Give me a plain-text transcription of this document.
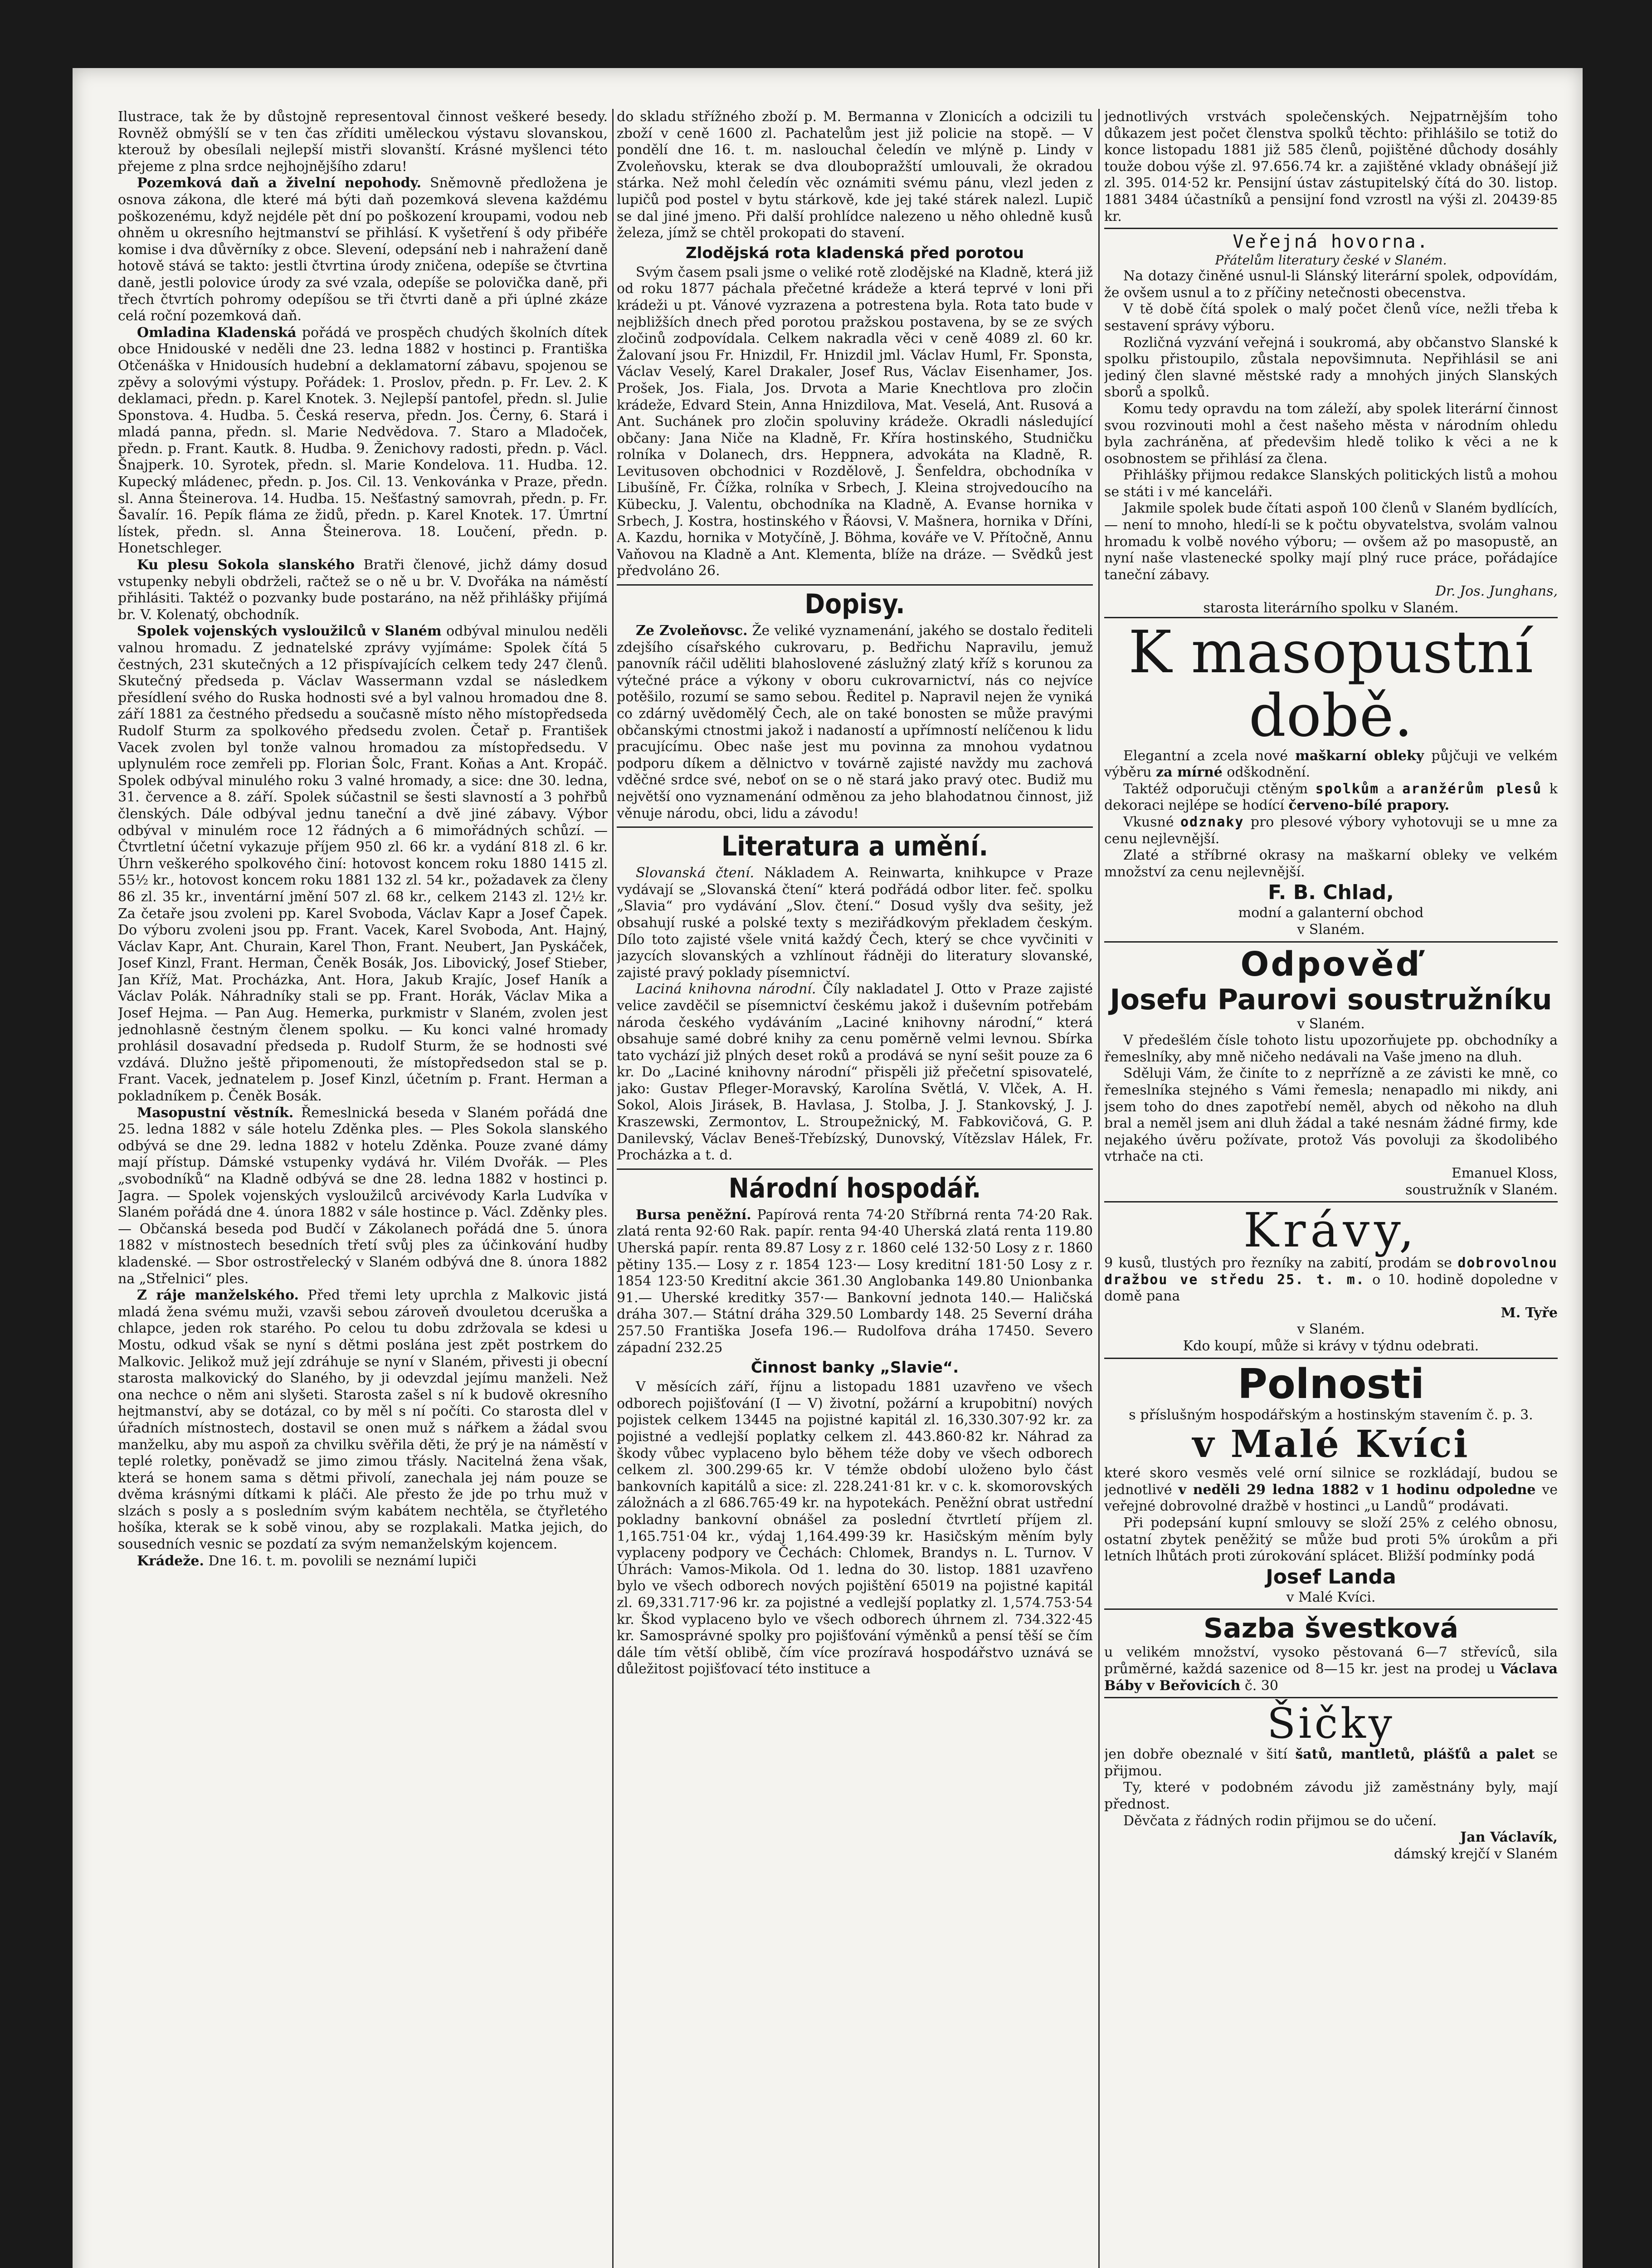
Ilustrace, tak že by důstojně representoval činnost veškeré besedy. Rovněž obmýšlí se v ten čas zříditi uměleckou výstavu slovanskou, kterouž by obesílali nejlepší mistři slovanští. Krásné myšlenci této přejeme z plna srdce nejhojnějšího zdaru!

Pozemková daň a živelní nepohody. Sněmovně předložena je osnova zákona, dle které má býti daň pozemková slevena každému poškozenému, když nejdéle pět dní po poškození kroupami, vodou neb ohněm u okresního hejtmanství se přihlásí. K vyšetření š ody přibéře komise i dva důvěrníky z obce. Slevení, odepsání neb i nahražení daně hotově stává se takto: jestli čtvrtina úrody zničena, odepíše se čtvrtina daně, jestli polovice úrody za své vzala, odepíše se polovička daně, při třech čtvrtích pohromy odepíšou se tři čtvrti daně a při úplné zkáze celá roční pozemková daň.

Omladina Kladenská pořádá ve prospěch chudých školních dítek obce Hnidouské v neděli dne 23. ledna 1882 v hostinci p. Františka Otčenáška v Hnidousích hudební a deklamatorní zábavu, spojenou se zpěvy a solovými výstupy. Pořádek: 1. Proslov, předn. p. Fr. Lev. 2. K deklamaci, předn. p. Karel Knotek. 3. Nejlepší pantofel, předn. sl. Julie Sponstova. 4. Hudba. 5. Česká reserva, předn. Jos. Černy, 6. Stará i mladá panna, předn. sl. Marie Nedvědova. 7. Staro a Mladoček, předn. p. Frant. Kautk. 8. Hudba. 9. Ženichovy radosti, předn. p. Václ. Šnajperk. 10. Syrotek, předn. sl. Marie Kondelova. 11. Hudba. 12. Kupecký mládenec, předn. p. Jos. Cil. 13. Venkovánka v Praze, předn. sl. Anna Šteinerova. 14. Hudba. 15. Nešťastný samovrah, předn. p. Fr. Šavalír. 16. Pepík fláma ze židů, předn. p. Karel Knotek. 17. Úmrtní lístek, předn. sl. Anna Šteinerova. 18. Loučení, předn. p. Honetschleger.

Ku plesu Sokola slanského Bratři členové, jichž dámy dosud vstupenky nebyli obdrželi, račtež se o ně u br. V. Dvořáka na náměstí přihlásiti. Taktéž o pozvanky bude postaráno, na něž přihlášky přijímá br. V. Kolenatý, obchodník.

Spolek vojenských vysloužilců v Slaném odbýval minulou neděli valnou hromadu. Z jednatelské zprávy vyjímáme: Spolek čítá 5 čestných, 231 skutečných a 12 přispívajících celkem tedy 247 členů. Skutečný předseda p. Václav Wassermann vzdal se následkem přesídlení svého do Ruska hodnosti své a byl valnou hromadou dne 8. září 1881 za čestného předsedu a současně místo něho místopředseda Rudolf Sturm za spolkového předsedu zvolen. Četař p. František Vacek zvolen byl tonže valnou hromadou za místopředsedu. V uplynulém roce zemřeli pp. Florian Šolc, Frant. Koňas a Ant. Kropáč. Spolek odbýval minulého roku 3 valné hromady, a sice: dne 30. ledna, 31. července a 8. září. Spolek súčastnil se šesti slavností a 3 pohřbů členských. Dále odbýval jednu taneční a dvě jiné zábavy. Výbor odbýval v minulém roce 12 řádných a 6 mimořádných schůzí. — Čtvrtletní účetní vykazuje příjem 950 zl. 66 kr. a vydání 818 zl. 6 kr. Úhrn veškerého spolkového činí: hotovost koncem roku 1880 1415 zl. 55½ kr., hotovost koncem roku 1881 132 zl. 54 kr., požadavek za členy 86 zl. 35 kr., inventární jmění 507 zl. 68 kr., celkem 2143 zl. 12½ kr. Za četaře jsou zvoleni pp. Karel Svoboda, Václav Kapr a Josef Čapek. Do výboru zvoleni jsou pp. Frant. Vacek, Karel Svoboda, Ant. Hajný, Václav Kapr, Ant. Churain, Karel Thon, Frant. Neubert, Jan Pyskáček, Josef Kinzl, Frant. Herman, Čeněk Bosák, Jos. Libovický, Josef Stieber, Jan Kříž, Mat. Procházka, Ant. Hora, Jakub Krajíc, Josef Haník a Václav Polák. Náhradníky stali se pp. Frant. Horák, Václav Mika a Josef Hejma. — Pan Aug. Hemerka, purkmistr v Slaném, zvolen jest jednohlasně čestným členem spolku. — Ku konci valné hromady prohlásil dosavadní předseda p. Rudolf Sturm, že se hodnosti své vzdává. Dlužno ještě připomenouti, že místopředsedon stal se p. Frant. Vacek, jednatelem p. Josef Kinzl, účetním p. Frant. Herman a pokladníkem p. Čeněk Bosák.

Masopustní věstník. Řemeslnická beseda v Slaném pořádá dne 25. ledna 1882 v sále hotelu Zděnka ples. — Ples Sokola slanského odbývá se dne 29. ledna 1882 v hotelu Zděnka. Pouze zvané dámy mají přístup. Dámské vstupenky vydává hr. Vilém Dvořák. — Ples „svobodníků“ na Kladně odbývá se dne 28. ledna 1882 v hostinci p. Jagra. — Spolek vojenských vysloužilců arcivévody Karla Ludvíka v Slaném pořádá dne 4. února 1882 v sále hostince p. Václ. Zděnky ples. — Občanská beseda pod Budčí v Zákolanech pořádá dne 5. února 1882 v místnostech besedních třetí svůj ples za účinkování hudby kladenské. — Sbor ostrostřelecký v Slaném odbývá dne 8. února 1882 na „Střelnici“ ples.

Z ráje manželského. Před třemi lety uprchla z Malkovic jistá mladá žena svému muži, vzavši sebou zároveň dvouletou dceruška a chlapce, jeden rok starého. Po celou tu dobu zdržovala se kdesi u Mostu, odkud však se nyní s dětmi poslána jest zpět postrkem do Malkovic. Jelikož muž její zdráhuje se nyní v Slaném, přivesti ji obecní starosta malkovický do Slaného, by ji odevzdal jejímu manželi. Než ona nechce o něm ani slyšeti. Starosta zašel s ní k budově okresního hejtmanství, aby se dotázal, co by měl s ní počíti. Co starosta dlel v úřadních místnostech, dostavil se onen muž s nářkem a žádal svou manželku, aby mu aspoň za chvilku svěřila děti, že prý je na náměstí v teplé roletky, poněvadž se jimo zimou třásly. Nacitelná žena však, která se honem sama s dětmi přivolí, zanechala jej nám pouze se dvěma krásnými dítkami k pláči. Ale přesto že jde po trhu muž v slzách s posly a s posledním svým kabátem nechtěla, se čtyřletého hošíka, kterak se k sobě vinou, aby se rozplakali. Matka jejich, do sousedních vesnic se pozdatí za svým nemanželským kojencem.

Krádeže. Dne 16. t. m. povolili se neznámí lupiči

do skladu střížného zboží p. M. Bermanna v Zlonicích a odcizili tu zboží v ceně 1600 zl. Pachatelům jest již policie na stopě. — V pondělí dne 16. t. m. naslouchal čeledín ve mlýně p. Lindy v Zvoleňovsku, kterak se dva dloubopražští umlouvali, že okradou stárka. Než mohl čeledín věc oznámiti svému pánu, vlezl jeden z lupičů pod postel v bytu stárkově, kde jej také stárek nalezl. Lupič se dal jiné jmeno. Při další prohlídce nalezeno u něho ohledně kusů železa, jímž se chtěl prokopati do stavení.

Zlodějská rota kladenská před porotou

Svým časem psali jsme o veliké rotě zlodějské na Kladně, která již od roku 1877 páchala přečetné krádeže a která teprvé v loni při krádeži u pt. Vánové vyzrazena a potrestena byla. Rota tato bude v nejbližších dnech před porotou pražskou postavena, by se ze svých zločinů zodpovídala. Celkem nakradla věci v ceně 4089 zl. 60 kr. Žalovaní jsou Fr. Hnizdil, Fr. Hnizdil jml. Václav Huml, Fr. Sponsta, Václav Veselý, Karel Drakaler, Josef Rus, Václav Eisenhamer, Jos. Prošek, Jos. Fiala, Jos. Drvota a Marie Knechtlova pro zločin krádeže, Edvard Stein, Anna Hnizdilova, Mat. Veselá, Ant. Rusová a Ant. Suchánek pro zločin spoluviny krádeže. Okradli následující občany: Jana Niče na Kladně, Fr. Kříra hostinského, Studničku rolníka v Dolanech, drs. Heppnera, advokáta na Kladně, R. Levitusoven obchodnici v Rozdělově, J. Šenfeldra, obchodníka v Libušíně, Fr. Čížka, rolníka v Srbech, J. Kleina strojvedoucího na Kübecku, J. Valentu, obchodníka na Kladně, A. Evanse hornika v Srbech, J. Kostra, hostinského v Řáovsi, V. Mašnera, hornika v Dříni, A. Kazdu, hornika v Motyčíně, J. Böhma, kováře ve V. Přítočně, Annu Vaňovou na Kladně a Ant. Klementa, blíže na dráze. — Svědků jest předvoláno 26.

Dopisy.

Ze Zvoleňovsc. Že veliké vyznamenání, jakého se dostalo řediteli zdejšího císařského cukrovaru, p. Bedřichu Napravilu, jemuž panovník ráčil uděliti blahoslovené záslužný zlatý kříž s korunou za výtečné práce a výkony v oboru cukrovarnictví, nás co nejvíce potěšilo, rozumí se samo sebou. Ředitel p. Napravil nejen že vyniká co zdárný uvědomělý Čech, ale on také bonosten se může pravými občanskými ctnostmi jakož i nadaností a upřímností nelíčenou k lidu pracujícímu. Obec naše jest mu povinna za mnohou vydatnou podporu díkem a dělnictvo v továrně zajisté navždy mu zachová vděčné srdce své, neboť on se o ně stará jako pravý otec. Budiž mu největší ono vyznamenání odměnou za jeho blahodatnou činnost, již věnuje národu, obci, lidu a závodu!

Literatura a umění.

Slovanská čtení. Nákladem A. Reinwarta, knihkupce v Praze vydávají se „Slovanská čtení“ která podřádá odbor liter. feč. spolku „Slavia“ pro vydávání „Slov. čtení.“ Dosud vyšly dva sešity, jež obsahují ruské a polské texty s meziřádkovým překladem českým. Dílo toto zajisté všele vnitá každý Čech, který se chce vyvčiniti v jazycích slovanských a vzhlínout řádněji do literatury slovanské, zajisté pravý poklady písemnictví.

Laciná knihovna národní. Číly nakladatel J. Otto v Praze zajisté velice zavděčil se písemnictví českému jakož i duševním potřebám národa českého vydáváním „Laciné knihovny národní,“ která obsahuje samé dobré knihy za cenu poměrně velmi levnou. Sbírka tato vychází již plných deset roků a prodává se nyní sešit pouze za 6 kr. Do „Laciné knihovny národní“ přispěli již přečetní spisovatelé, jako: Gustav Pfleger-Moravský, Karolína Světlá, V. Vlček, A. H. Sokol, Alois Jirásek, B. Havlasa, J. Stolba, J. J. Stankovský, J. J. Kraszewski, Zermontov, L. Stroupežnický, M. Fabkovičová, G. P. Danilevský, Václav Beneš-Třebízský, Dunovský, Vítězslav Hálek, Fr. Procházka a t. d.

Národní hospodář.

Bursa peněžní. Papírová renta 74·20 Stříbrná renta 74·20 Rak. zlatá renta 92·60 Rak. papír. renta 94·40 Uherská zlatá renta 119.80 Uherská papír. renta 89.87 Losy z r. 1860 celé 132·50 Losy z r. 1860 pětiny 135.— Losy z r. 1854 123·— Losy kreditní 181·50 Losy z r. 1854 123·50 Kreditní akcie 361.30 Anglobanka 149.80 Unionbanka 91.— Uherské kreditky 357·— Bankovní jednota 140.— Haličská dráha 307.— Státní dráha 329.50 Lombardy 148. 25 Severní dráha 257.50 Františka Josefa 196.— Rudolfova dráha 17450. Severo západní 232.25

Činnost banky „Slavie“.

V měsících září, říjnu a listopadu 1881 uzavřeno ve všech odborech pojišťování (I — V) životní, požární a krupobitní) nových pojistek celkem 13445 na pojistné kapitál zl. 16,330.307·92 kr. za pojistné a vedlejší poplatky celkem zl. 443.860·82 kr. Náhrad za škody vůbec vyplaceno bylo během téže doby ve všech odborech celkem zl. 300.299·65 kr. V témže období uloženo bylo část bankovních kapitálů a sice: zl. 228.241·81 kr. v c. k. skomorovských záložnách a zl 686.765·49 kr. na hypotekách. Peněžní obrat ustřední pokladny bankovní obnášel za poslední čtvrtletí příjem zl. 1,165.751·04 kr., výdaj 1,164.499·39 kr. Hasičským měním byly vyplaceny podpory ve Čechách: Chlomek, Brandys n. L. Turnov. V Úhrách: Vamos-Mikola. Od 1. ledna do 30. listop. 1881 uzavřeno bylo ve všech odborech nových pojištění 65019 na pojistné kapitál zl. 69,331.717·96 kr. za pojistné a vedlejší poplatky zl. 1,574.753·54 kr. Škod vyplaceno bylo ve všech odborech úhrnem zl. 734.322·45 kr. Samosprávné spolky pro pojišťování výměnků a pensí těší se čím dále tím větší oblibě, čím více prozíravá hospodářstvo uznává se důležitost pojišťovací této instituce a

jednotlivých vrstvách společenských. Nejpatrnějším toho důkazem jest počet členstva spolků těchto: přihlášilo se totiž do konce listopadu 1881 již 585 členů, pojištěné důchody dosáhly touže dobou výše zl. 97.656.74 kr. a zajištěné vklady obnášejí již zl. 395. 014·52 kr. Pensijní ústav zástupitelský čítá do 30. listop. 1881 3484 účastníků a pensijní fond vzrostl na výši zl. 20439·85 kr.

Veřejná hovorna.
Přátelům literatury české v Slaném.

Na dotazy činěné usnul-li Slánský literární spolek, odpovídám, že ovšem usnul a to z příčiny netečnosti obecenstva.

V tě době čítá spolek o malý počet členů více, nežli třeba k sestavení správy výboru.

Rozličná vyzvání veřejná i soukromá, aby občanstvo Slanské k spolku přistoupilo, zůstala nepovšimnuta. Nepřihlásil se ani jediný člen slavné městské rady a mnohých jiných Slanských sborů a spolků.

Komu tedy opravdu na tom záleží, aby spolek literární činnost svou rozvinouti mohl a čest našeho města v národním ohledu byla zachráněna, ať předevšim hledě toliko k věci a ne k osobnostem se přihlásí za člena.

Přihlášky přijmou redakce Slanských politických listů a mohou se státi i v mé kanceláři.

Jakmile spolek bude čítati aspoň 100 členů v Slaném bydlících, — není to mnoho, hledí-li se k počtu obyvatelstva, svolám valnou hromadu k volbě nového výboru; — ovšem až po masopustě, an nyní naše vlastenecké spolky mají plný ruce práce, pořádajíce taneční zábavy.

Dr. Jos. Junghans,
starosta literárního spolku v Slaném.
K masopustní době.

Elegantní a zcela nové maškarní obleky půjčuji ve velkém výběru za mírné odškodnění.

Taktéž odporučuji ctěným spolkům a aranžérům plesů k dekoraci nejlépe se hodící červeno-bílé prapory.

Vkusné odznaky pro plesové výbory vyhotovuji se u mne za cenu nejlevnější.

Zlaté a stříbrné okrasy na maškarní obleky ve velkém množství za cenu nejlevnější.

F. B. Chlad,
modní a galanterní obchod
v Slaném.
Odpověď
Josefu Paurovi soustružníku
v Slaném.

V předešlém čísle tohoto listu upozorňujete pp. obchodníky a řemeslníky, aby mně ničeho nedávali na Vaše jmeno na dluh.

Sděluji Vám, že činíte to z neprřízně a ze závisti ke mně, co řemeslníka stejného s Vámi řemesla; nenapadlo mi nikdy, ani jsem toho do dnes zapotřebí neměl, abych od někoho na dluh bral a neměl jsem ani dluh žádal a také nesnám žádné firmy, kde nejakého úvěru požívate, protož Vás povoluji za škodolibého vtrhače na cti.

Emanuel Kloss,
soustružník v Slaném.
Krávy,

9 kusů, tlustých pro řezníky na zabití, prodám se dobrovolnou dražbou ve středu 25. t. m. o 10. hodině dopoledne v domě pana

M. Tyře
v Slaném.
Kdo koupí, může si krávy v týdnu odebrati.
Polnosti
s příslušným hospodářským a hostinským stavením č. p. 3.
v Malé Kvíci

které skoro vesměs velé orní silnice se rozkládají, budou se jednotlivé v neděli 29 ledna 1882 v 1 hodinu odpoledne ve veřejné dobrovolné dražbě v hostinci „u Landů“ prodávati.

Při podepsání kupní smlouvy se složí 25% z celého obnosu, ostatní zbytek peněžitý se může bud proti 5% úrokům a při letních lhůtách proti zúrokování splácet. Bližší podmínky podá

Josef Landa
v Malé Kvíci.
Sazba švestková

u velikém množství, vysoko pěstovaná 6—7 střevíců, sila průměrné, každá sazenice od 8—15 kr. jest na prodej u Václava Báby v Beřovicích č. 30

Šičky

jen dobře obeznalé v šití šatů, mantletů, plášťů a palet se přijmou.

Ty, které v podobném závodu již zaměstnány byly, mají přednost.

Děvčata z řádných rodin přijmou se do učení.

Jan Václavík,
dámský krejčí v Slaném
